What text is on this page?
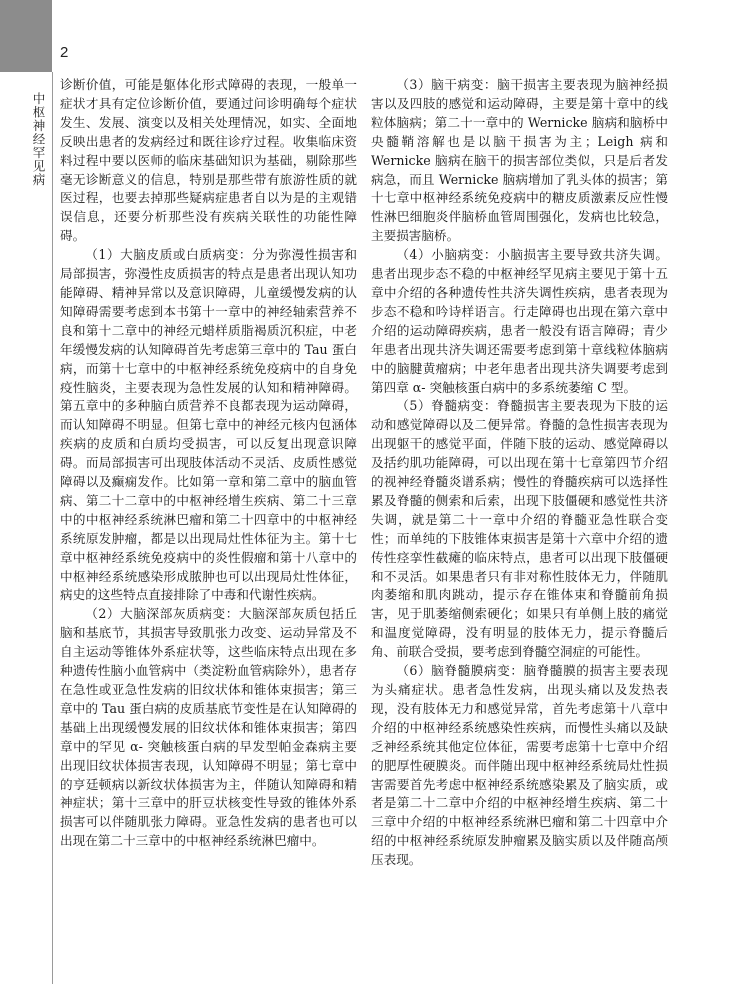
2
中枢神经罕见病

诊断价值，可能是躯体化形式障碍的表现，一般单一症状才具有定位诊断价值，要通过问诊明确每个症状发生、发展、演变以及相关处理情况，如实、全面地反映出患者的发病经过和既往诊疗过程。收集临床资料过程中要以医师的临床基础知识为基础，剔除那些毫无诊断意义的信息，特别是那些带有旅游性质的就医过程，也要去掉那些疑病症患者自以为是的主观错误信息，还要分析那些没有疾病关联性的功能性障碍。

（1）大脑皮质或白质病变：分为弥漫性损害和局部损害，弥漫性皮质损害的特点是患者出现认知功能障碍、精神异常以及意识障碍，儿童缓慢发病的认知障碍需要考虑到本书第十一章中的神经轴索营养不良和第十二章中的神经元蜡样质脂褐质沉积症，中老年缓慢发病的认知障碍首先考虑第三章中的 Tau 蛋白病，而第十七章中的中枢神经系统免疫病中的自身免疫性脑炎，主要表现为急性发展的认知和精神障碍。第五章中的多种脑白质营养不良都表现为运动障碍，而认知障碍不明显。但第七章中的神经元核内包涵体疾病的皮质和白质均受损害，可以反复出现意识障碍。而局部损害可出现肢体活动不灵活、皮质性感觉障碍以及癫痫发作。比如第一章和第二章中的脑血管病、第二十二章中的中枢神经增生疾病、第二十三章中的中枢神经系统淋巴瘤和第二十四章中的中枢神经系统原发肿瘤，都是以出现局灶性体征为主。第十七章中枢神经系统免疫病中的炎性假瘤和第十八章中的中枢神经系统感染形成脓肿也可以出现局灶性体征，病史的这些特点直接排除了中毒和代谢性疾病。

（2）大脑深部灰质病变：大脑深部灰质包括丘脑和基底节，其损害导致肌张力改变、运动异常及不自主运动等锥体外系症状等，这些临床特点出现在多种遗传性脑小血管病中（类淀粉血管病除外），患者存在急性或亚急性发病的旧纹状体和锥体束损害；第三章中的 Tau 蛋白病的皮质基底节变性是在认知障碍的基础上出现缓慢发展的旧纹状体和锥体束损害；第四章中的罕见 α- 突触核蛋白病的早发型帕金森病主要出现旧纹状体损害表现，认知障碍不明显；第七章中的亨廷顿病以新纹状体损害为主，伴随认知障碍和精神症状；第十三章中的肝豆状核变性导致的锥体外系损害可以伴随肌张力障碍。亚急性发病的患者也可以出现在第二十三章中的中枢神经系统淋巴瘤中。

（3）脑干病变：脑干损害主要表现为脑神经损害以及四肢的感觉和运动障碍，主要是第十章中的线粒体脑病；第二十一章中的 Wernicke 脑病和脑桥中央髓鞘溶解也是以脑干损害为主；Leigh 病和 Wernicke 脑病在脑干的损害部位类似，只是后者发病急，而且 Wernicke 脑病增加了乳头体的损害；第十七章中枢神经系统免疫病中的糖皮质激素反应性慢性淋巴细胞炎伴脑桥血管周围强化，发病也比较急，主要损害脑桥。

（4）小脑病变：小脑损害主要导致共济失调。患者出现步态不稳的中枢神经罕见病主要见于第十五章中介绍的各种遗传性共济失调性疾病，患者表现为步态不稳和吟诗样语言。行走障碍也出现在第六章中介绍的运动障碍疾病，患者一般没有语言障碍；青少年患者出现共济失调还需要考虑到第十章线粒体脑病中的脑腱黄瘤病；中老年患者出现共济失调要考虑到第四章 α- 突触核蛋白病中的多系统萎缩 C 型。

（5）脊髓病变：脊髓损害主要表现为下肢的运动和感觉障碍以及二便异常。脊髓的急性损害表现为出现躯干的感觉平面，伴随下肢的运动、感觉障碍以及括约肌功能障碍，可以出现在第十七章第四节介绍的视神经脊髓炎谱系病；慢性的脊髓疾病可以选择性累及脊髓的侧索和后索，出现下肢僵硬和感觉性共济失调，就是第二十一章中介绍的脊髓亚急性联合变性；而单纯的下肢锥体束损害是第十六章中介绍的遗传性痉挛性截瘫的临床特点，患者可以出现下肢僵硬和不灵活。如果患者只有非对称性肢体无力，伴随肌肉萎缩和肌肉跳动，提示存在锥体束和脊髓前角损害，见于肌萎缩侧索硬化；如果只有单侧上肢的痛觉和温度觉障碍，没有明显的肢体无力，提示脊髓后角、前联合受损，要考虑到脊髓空洞症的可能性。

（6）脑脊髓膜病变：脑脊髓膜的损害主要表现为头痛症状。患者急性发病，出现头痛以及发热表现，没有肢体无力和感觉异常，首先考虑第十八章中介绍的中枢神经系统感染性疾病，而慢性头痛以及缺乏神经系统其他定位体征，需要考虑第十七章中介绍的肥厚性硬膜炎。而伴随出现中枢神经系统局灶性损害需要首先考虑中枢神经系统感染累及了脑实质，或者是第二十二章中介绍的中枢神经增生疾病、第二十三章中介绍的中枢神经系统淋巴瘤和第二十四章中介绍的中枢神经系统原发肿瘤累及脑实质以及伴随高颅压表现。
